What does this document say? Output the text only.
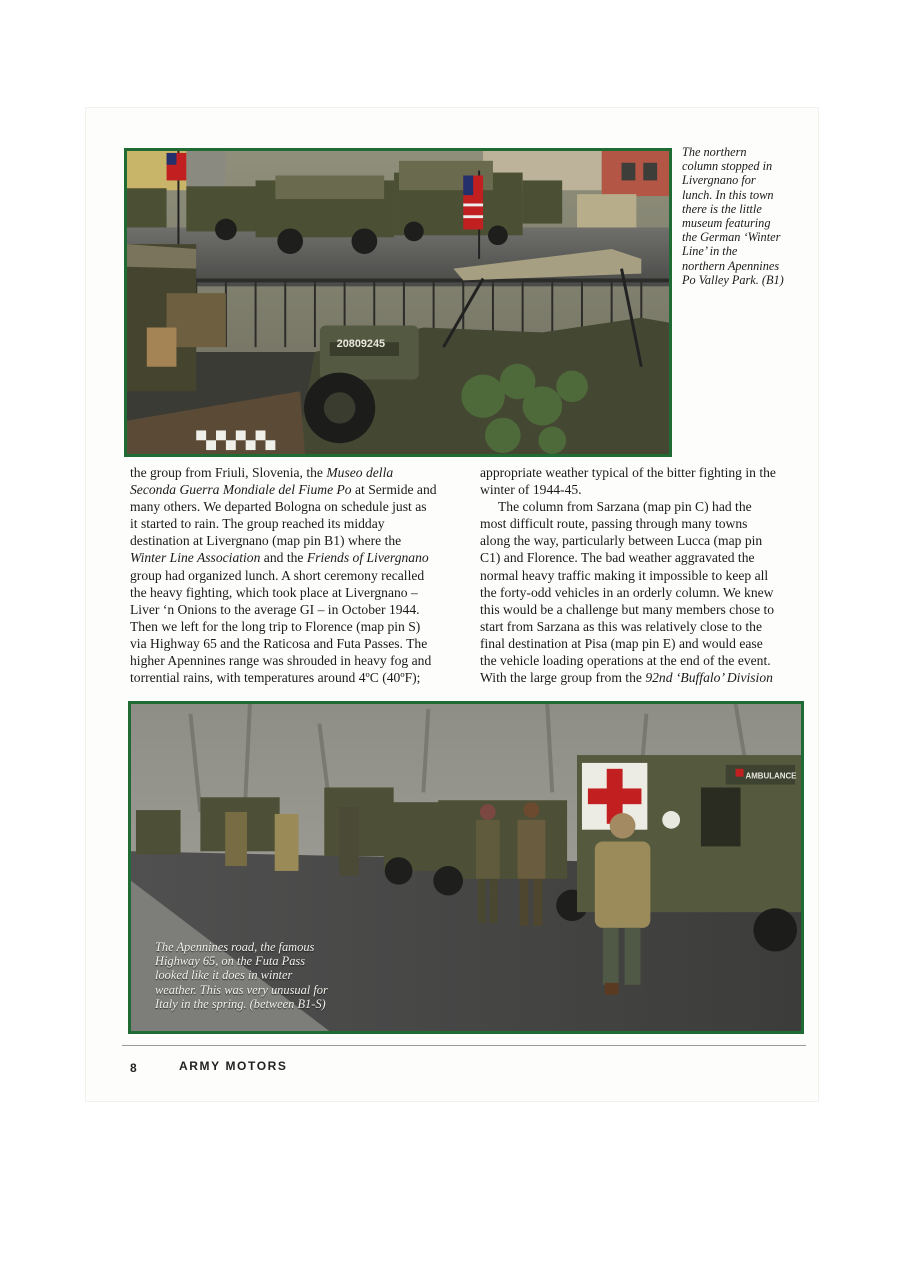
20809245
The northern
column stopped in
Livergnano for
lunch. In this town
there is the little
museum featuring
the German ‘Winter
Line’ in the
northern Apennines
Po Valley Park. (B1)
the group from Friuli, Slovenia, the Museo della
Seconda Guerra Mondiale del Fiume Po at Sermide and
many others. We departed Bologna on schedule just as
it started to rain. The group reached its midday
destination at Livergnano (map pin B1) where the
Winter Line Association and the Friends of Livergnano
group had organized lunch. A short ceremony recalled
the heavy fighting, which took place at Livergnano –
Liver ‘n Onions to the average GI – in October 1944.
Then we left for the long trip to Florence (map pin S)
via Highway 65 and the Raticosa and Futa Passes. The
higher Apennines range was shrouded in heavy fog and
torrential rains, with temperatures around 4ºC (40ºF);
appropriate weather typical of the bitter fighting in the
winter of 1944-45.
The column from Sarzana (map pin C) had the
most difficult route, passing through many towns
along the way, particularly between Lucca (map pin
C1) and Florence. The bad weather aggravated the
normal heavy traffic making it impossible to keep all
the forty-odd vehicles in an orderly column. We knew
this would be a challenge but many members chose to
start from Sarzana as this was relatively close to the
final destination at Pisa (map pin E) and would ease
the vehicle loading operations at the end of the event.
With the large group from the 92nd ‘Buffalo’ Division
AMBULANCE
The Apennines road, the famous
Highway 65, on the Futa Pass
looked like it does in winter
weather. This was very unusual for
Italy in the spring. (between B1-S)
8	ARMY MOTORS
